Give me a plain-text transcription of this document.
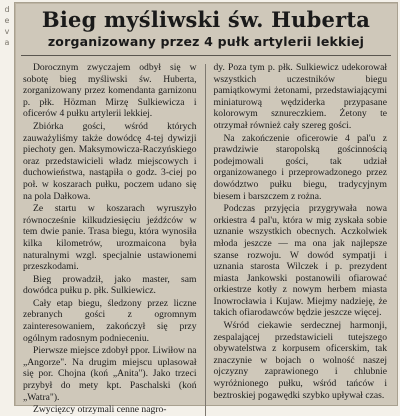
d
e
v
a
Bieg myśliwski św. Huberta
zorganizowany przez 4 pułk artylerii lekkiej

Dorocznym zwyczajem odbył się w sobotę bieg myśliwski św. Huberta, zorganizowany przez komendanta garnizonu p. płk. Hözman Mirzę Sulkiewicza i oficerów 4 pułku artylerii lekkiej.

Zbiórka gości, wśród których zauważyliśmy także dowódcę 4-tej dywizji piechoty gen. Maksymowicza-Raczyńskiego oraz przedstawicieli władz miejscowych i duchowieństwa, nastąpiła o godz. 3-ciej po poł. w koszarach pułku, poczem udano się na pola Dałkowa.

Ze startu w koszarach wyruszyło równocześnie kilkudziesięciu jeźdźców w tem dwie panie. Trasa biegu, która wynosiła kilka kilometrów, urozmaicona była naturalnymi wzgl. specjalnie ustawionemi przeszkodami.

Bieg prowadził, jako master, sam dowódca pułku p. płk. Sulkiewicz.

Cały etap biegu, śledzony przez liczne zebranych gości z ogromnym zainteresowaniem, zakończył się przy ogólnym radosnym podnieceniu.

Pierwsze miejsce zdobył ppor. Liwiłow na „Angorze". Na drugim miejscu uplasował się por. Chojna (koń „Anita"). Jako trzeci przybył do mety kpt. Paschalski (koń „Watra").

Zwycięzcy otrzymali cenne nagro-

dy. Poza tym p. płk. Sulkiewicz udekorował wszystkich uczestników biegu pamiątkowymi żetonami, przedstawiającymi miniaturową wędziderka przypasane kolorowym sznureczkiem. Żetony te otrzymał również cały szereg gości.

Na zakończenie oficerowie 4 pal'u z prawdziwie staropolską gościnnością podejmowali gości, tak udział organizowanego i przeprowadzonego przez dowództwo pułku biegu, tradycyjnym biesem i barszczem z rożna.

Podczas przyjęcia przygrywała nowa orkiestra 4 pal'u, która w mig zyskała sobie uznanie wszystkich obecnych. Aczkolwiek młoda jeszcze — ma ona jak najlepsze szanse rozwoju. W dowód sympatji i uznania starosta Wilczek i p. prezydent miasta Jankowski postanowili ofiarować orkiestrze kotły z nowym herbem miasta Inowrocławia i Kujaw. Miejmy nadzieję, że takich ofiarodawców będzie jeszcze więcej.

Wśród ciekawie serdecznej harmonji, zespalającej przedstawicieli tutejszego obywatelstwa z korpusem oficerskim, tak znaczynie w bojach o wolność naszej ojczyzny zaprawionego i chlubnie wyróżnionego pułku, wśród tańców i beztroskiej pogawędki szybko upływał czas.
